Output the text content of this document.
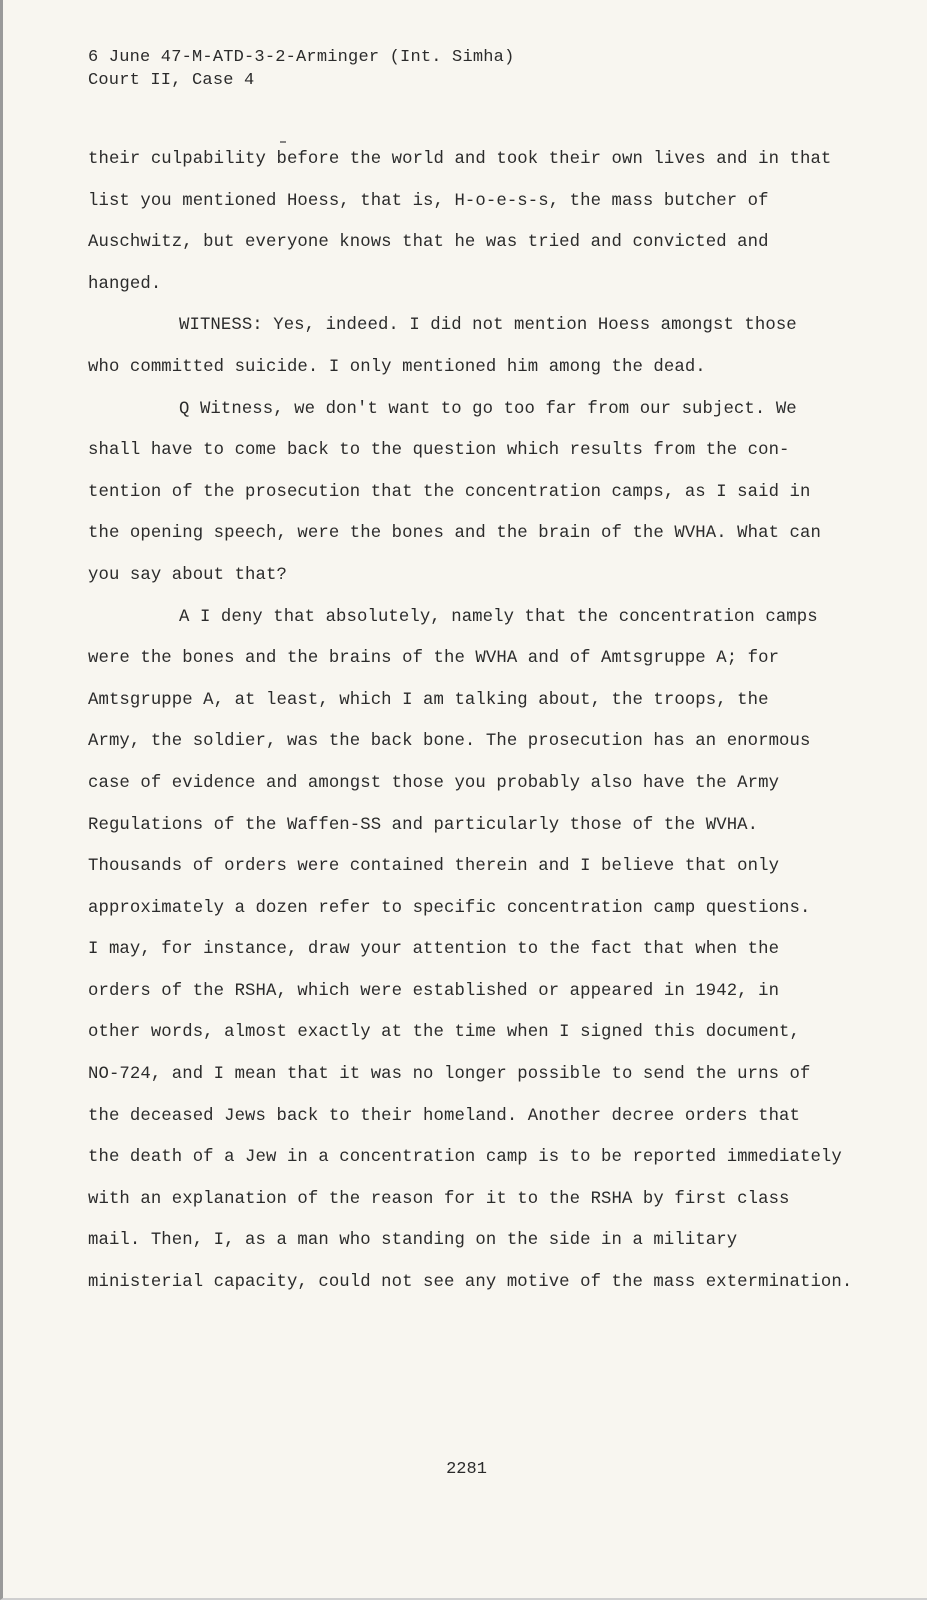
6 June 47-M-ATD-3-2-Arminger (Int. Simha)
Court II, Case 4
their culpability before the world and took their own lives and in that
list you mentioned Hoess, that is, H-o-e-s-s, the mass butcher of
Auschwitz, but everyone knows that he was tried and convicted and
hanged.
WITNESS: Yes, indeed. I did not mention Hoess amongst those
who committed suicide. I only mentioned him among the dead.
Q Witness, we don't want to go too far from our subject. We
shall have to come back to the question which results from the con-
tention of the prosecution that the concentration camps, as I said in
the opening speech, were the bones and the brain of the WVHA. What can
you say about that?
A I deny that absolutely, namely that the concentration camps
were the bones and the brains of the WVHA and of Amtsgruppe A; for
Amtsgruppe A, at least, which I am talking about, the troops, the
Army, the soldier, was the back bone. The prosecution has an enormous
case of evidence and amongst those you probably also have the Army
Regulations of the Waffen-SS and particularly those of the WVHA.
Thousands of orders were contained therein and I believe that only
approximately a dozen refer to specific concentration camp questions.
I may, for instance, draw your attention to the fact that when the
orders of the RSHA, which were established or appeared in 1942, in
other words, almost exactly at the time when I signed this document,
NO-724, and I mean that it was no longer possible to send the urns of
the deceased Jews back to their homeland. Another decree orders that
the death of a Jew in a concentration camp is to be reported immediately
with an explanation of the reason for it to the RSHA by first class
mail. Then, I, as a man who standing on the side in a military
ministerial capacity, could not see any motive of the mass extermination.
2281
